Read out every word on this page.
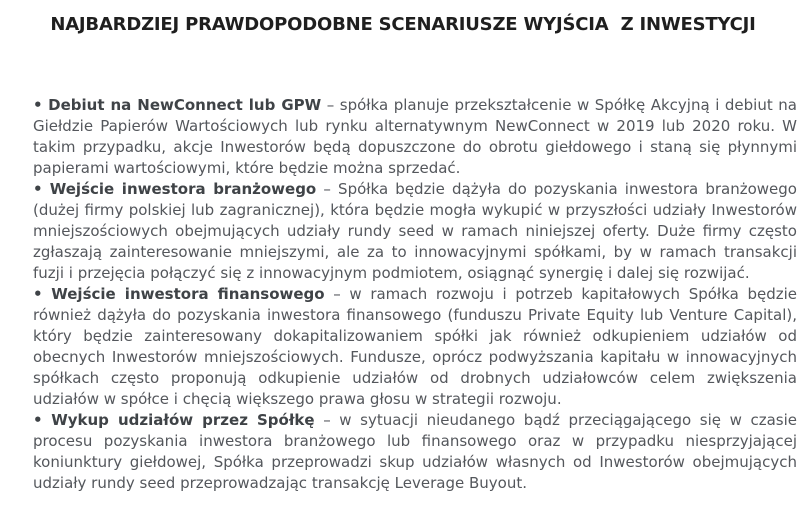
NAJBARDZIEJ PRAWDOPODOBNE SCENARIUSZE WYJŚCIA  Z INWESTYCJI

• Debiut na NewConnect lub GPW – spółka planuje przekształcenie w Spółkę Akcyjną i debiut na Giełdzie Papierów Wartościowych lub rynku alternatywnym NewConnect w 2019 lub 2020 roku. W takim przypadku, akcje Inwestorów będą dopuszczone do obrotu giełdowego i staną się płynnymi papierami wartościowymi, które będzie można sprzedać.

• Wejście inwestora branżowego – Spółka będzie dążyła do pozyskania inwestora branżowego (dużej firmy polskiej lub zagranicznej), która będzie mogła wykupić w przyszłości udziały Inwestorów mniejszościowych obejmujących udziały rundy seed w ramach niniejszej oferty. Duże firmy często zgłaszają zainteresowanie mniejszymi, ale za to innowacyjnymi spółkami, by w ramach transakcji fuzji i przejęcia połączyć się z innowacyjnym podmiotem, osiągnąć synergię i dalej się rozwijać.

• Wejście inwestora finansowego – w ramach rozwoju i potrzeb kapitałowych Spółka będzie również dążyła do pozyskania inwestora finansowego (funduszu Private Equity lub Venture Capital), który będzie zainteresowany dokapitalizowaniem spółki jak również odkupieniem udziałów od obecnych Inwestorów mniejszościowych. Fundusze, oprócz podwyższania kapitału w innowacyjnych spółkach często proponują odkupienie udziałów od drobnych udziałowców celem zwiększenia udziałów w spółce i chęcią większego prawa głosu w strategii rozwoju.

• Wykup udziałów przez Spółkę – w sytuacji nieudanego bądź przeciągającego się w czasie procesu pozyskania inwestora branżowego lub finansowego oraz w przypadku niesprzyjającej koniunktury giełdowej, Spółka przeprowadzi skup udziałów własnych od Inwestorów obejmujących udziały rundy seed przeprowadzając transakcję Leverage Buyout.
